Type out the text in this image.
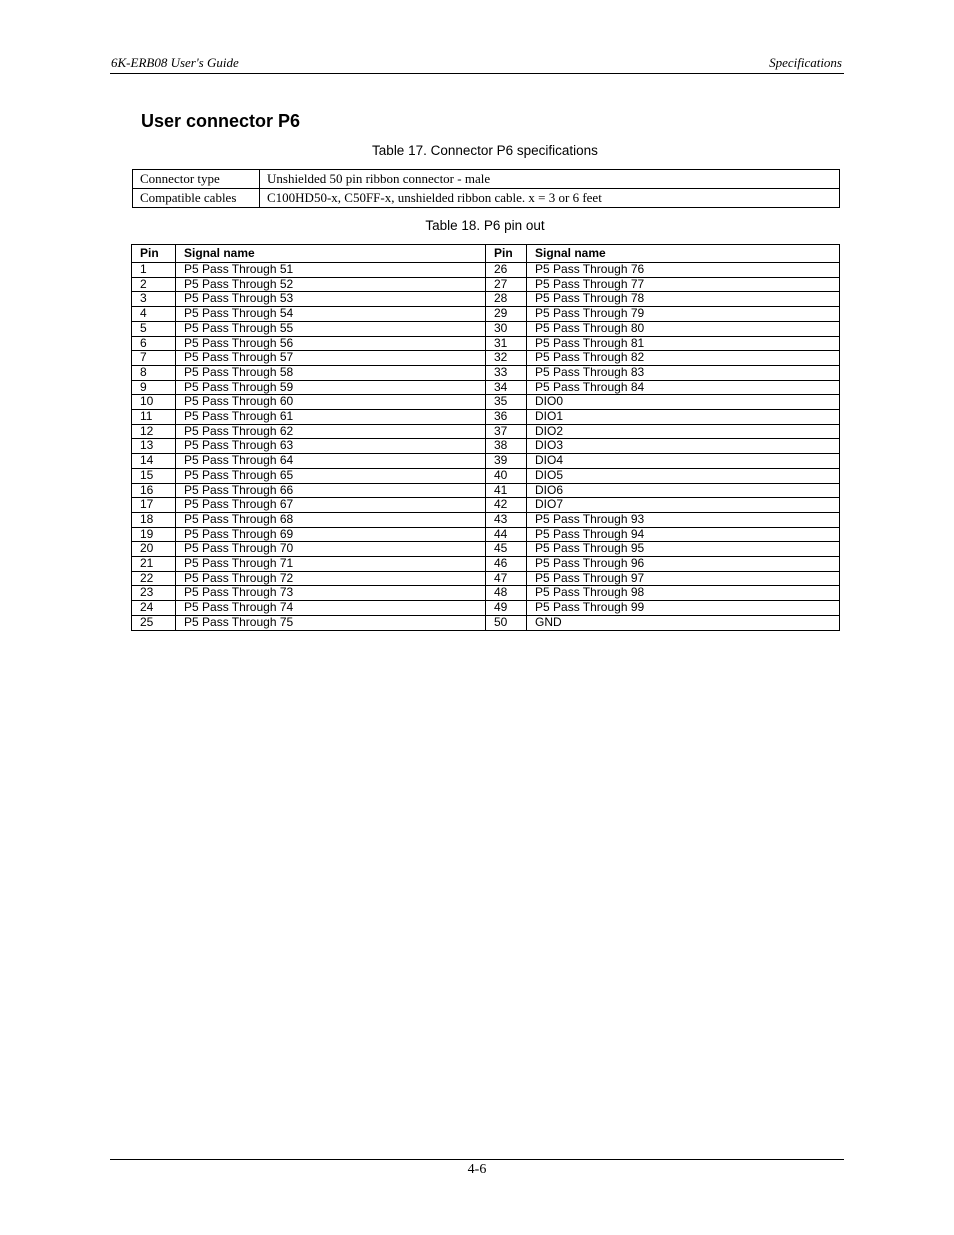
6K-ERB08 User's Guide	Specifications
User connector P6
Table 17. Connector P6 specifications
Connector type	Unshielded 50 pin ribbon connector - male
Compatible cables	C100HD50-x, C50FF-x, unshielded ribbon cable. x = 3 or 6 feet
Table 18. P6 pin out
Pin	Signal name	Pin	Signal name
1	P5 Pass Through 51	26	P5 Pass Through 76
2	P5 Pass Through 52	27	P5 Pass Through 77
3	P5 Pass Through 53	28	P5 Pass Through 78
4	P5 Pass Through 54	29	P5 Pass Through 79
5	P5 Pass Through 55	30	P5 Pass Through 80
6	P5 Pass Through 56	31	P5 Pass Through 81
7	P5 Pass Through 57	32	P5 Pass Through 82
8	P5 Pass Through 58	33	P5 Pass Through 83
9	P5 Pass Through 59	34	P5 Pass Through 84
10	P5 Pass Through 60	35	DIO0
11	P5 Pass Through 61	36	DIO1
12	P5 Pass Through 62	37	DIO2
13	P5 Pass Through 63	38	DIO3
14	P5 Pass Through 64	39	DIO4
15	P5 Pass Through 65	40	DIO5
16	P5 Pass Through 66	41	DIO6
17	P5 Pass Through 67	42	DIO7
18	P5 Pass Through 68	43	P5 Pass Through 93
19	P5 Pass Through 69	44	P5 Pass Through 94
20	P5 Pass Through 70	45	P5 Pass Through 95
21	P5 Pass Through 71	46	P5 Pass Through 96
22	P5 Pass Through 72	47	P5 Pass Through 97
23	P5 Pass Through 73	48	P5 Pass Through 98
24	P5 Pass Through 74	49	P5 Pass Through 99
25	P5 Pass Through 75	50	GND
4-6
